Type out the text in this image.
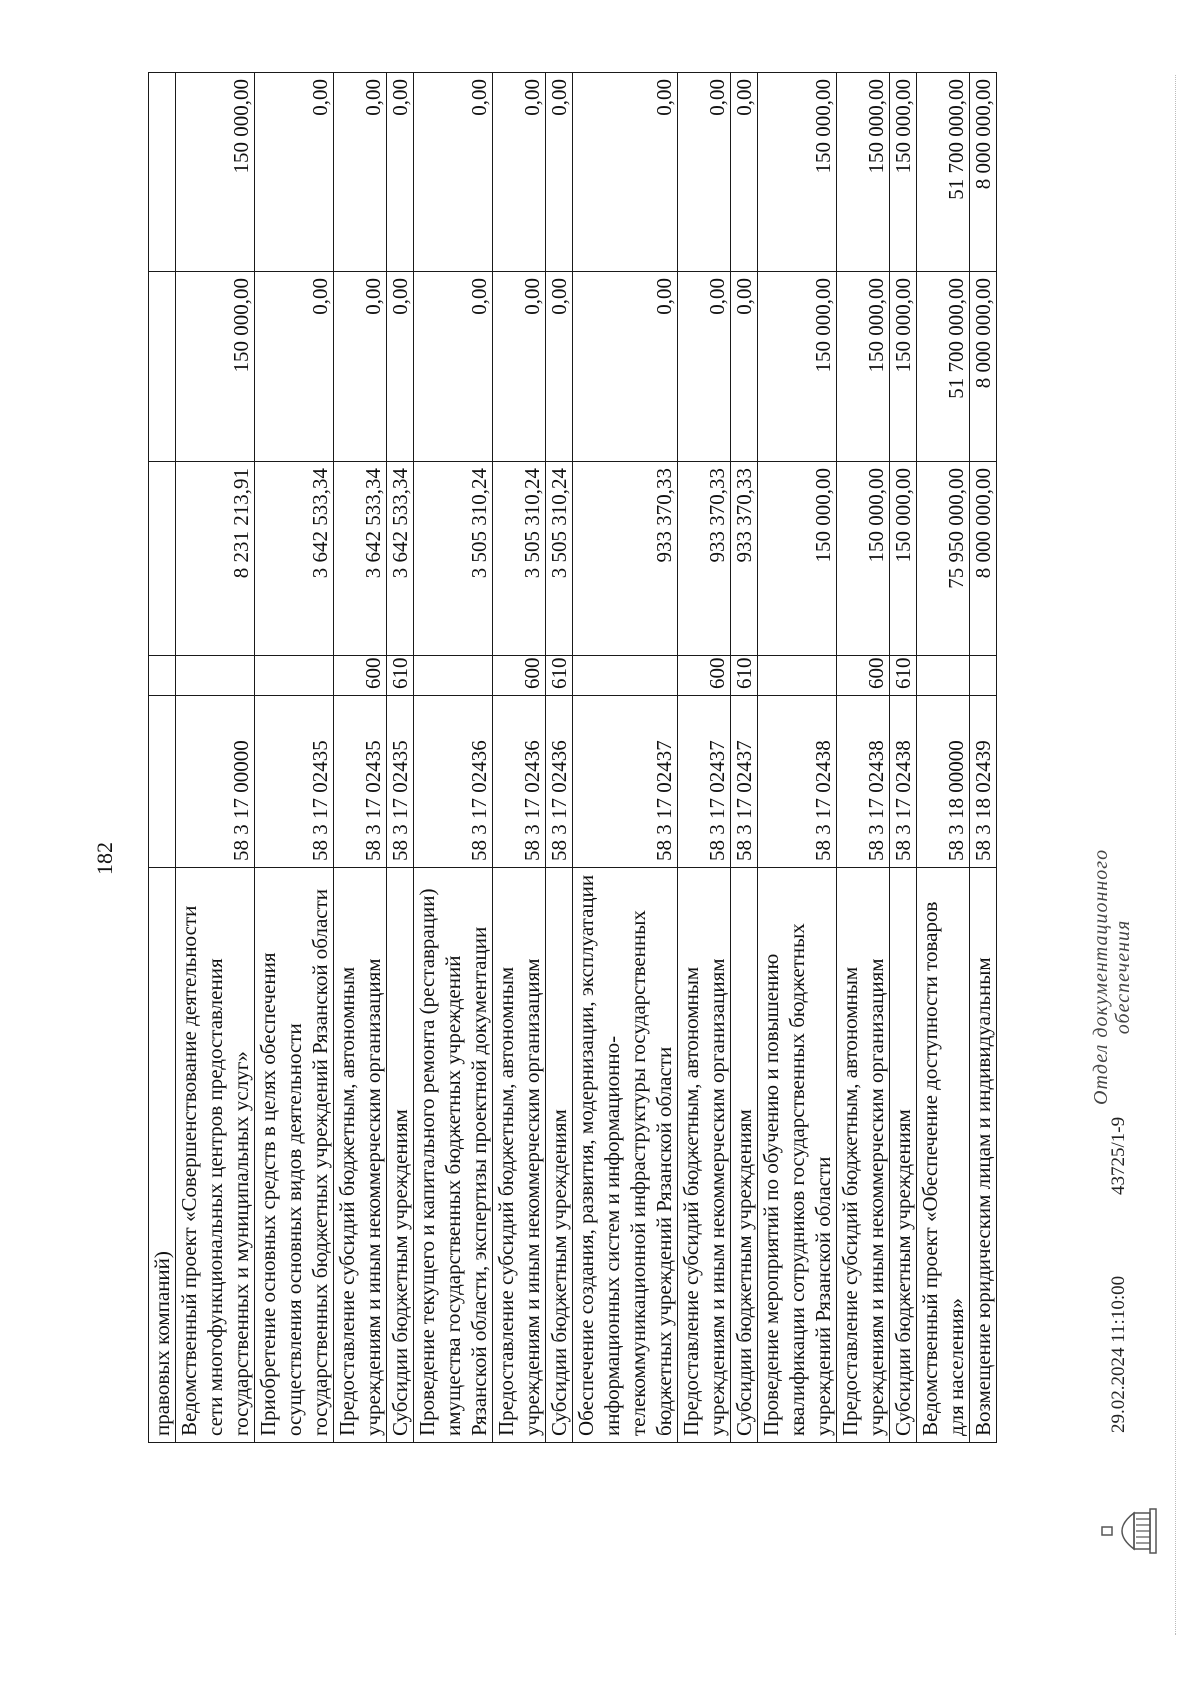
182
правовых компаний)					
Ведомственный проект «Совершенствование деятельности сети многофункциональных центров предоставления государственных и муниципальных услуг»	58 3 17 00000		8 231 213,91	150 000,00	150 000,00
Приобретение основных средств в целях обеспечения осуществления основных видов деятельности государственных бюджетных учреждений Рязанской области	58 3 17 02435		3 642 533,34	0,00	0,00
Предоставление субсидий бюджетным, автономным учреждениям и иным некоммерческим организациям	58 3 17 02435	600	3 642 533,34	0,00	0,00
Субсидии бюджетным учреждениям	58 3 17 02435	610	3 642 533,34	0,00	0,00
Проведение текущего и капитального ремонта (реставрации) имущества государственных бюджетных учреждений Рязанской области, экспертизы проектной документации	58 3 17 02436		3 505 310,24	0,00	0,00
Предоставление субсидий бюджетным, автономным учреждениям и иным некоммерческим организациям	58 3 17 02436	600	3 505 310,24	0,00	0,00
Субсидии бюджетным учреждениям	58 3 17 02436	610	3 505 310,24	0,00	0,00
Обеспечение создания, развития, модернизации, эксплуатации информационных систем и информационно-телекоммуникационной инфраструктуры государственных бюджетных учреждений Рязанской области	58 3 17 02437		933 370,33	0,00	0,00
Предоставление субсидий бюджетным, автономным учреждениям и иным некоммерческим организациям	58 3 17 02437	600	933 370,33	0,00	0,00
Субсидии бюджетным учреждениям	58 3 17 02437	610	933 370,33	0,00	0,00
Проведение мероприятий по обучению и повышению квалификации сотрудников государственных бюджетных учреждений Рязанской области	58 3 17 02438		150 000,00	150 000,00	150 000,00
Предоставление субсидий бюджетным, автономным учреждениям и иным некоммерческим организациям	58 3 17 02438	600	150 000,00	150 000,00	150 000,00
Субсидии бюджетным учреждениям	58 3 17 02438	610	150 000,00	150 000,00	150 000,00
Ведомственный проект «Обеспечение доступности товаров для населения»	58 3 18 00000		75 950 000,00	51 700 000,00	51 700 000,00
Возмещение юридическим лицам и индивидуальным	58 3 18 02439		8 000 000,00	8 000 000,00	8 000 000,00
29.02.2024 11:10:00
43725/1-9
Отдел документационного обеспечения
